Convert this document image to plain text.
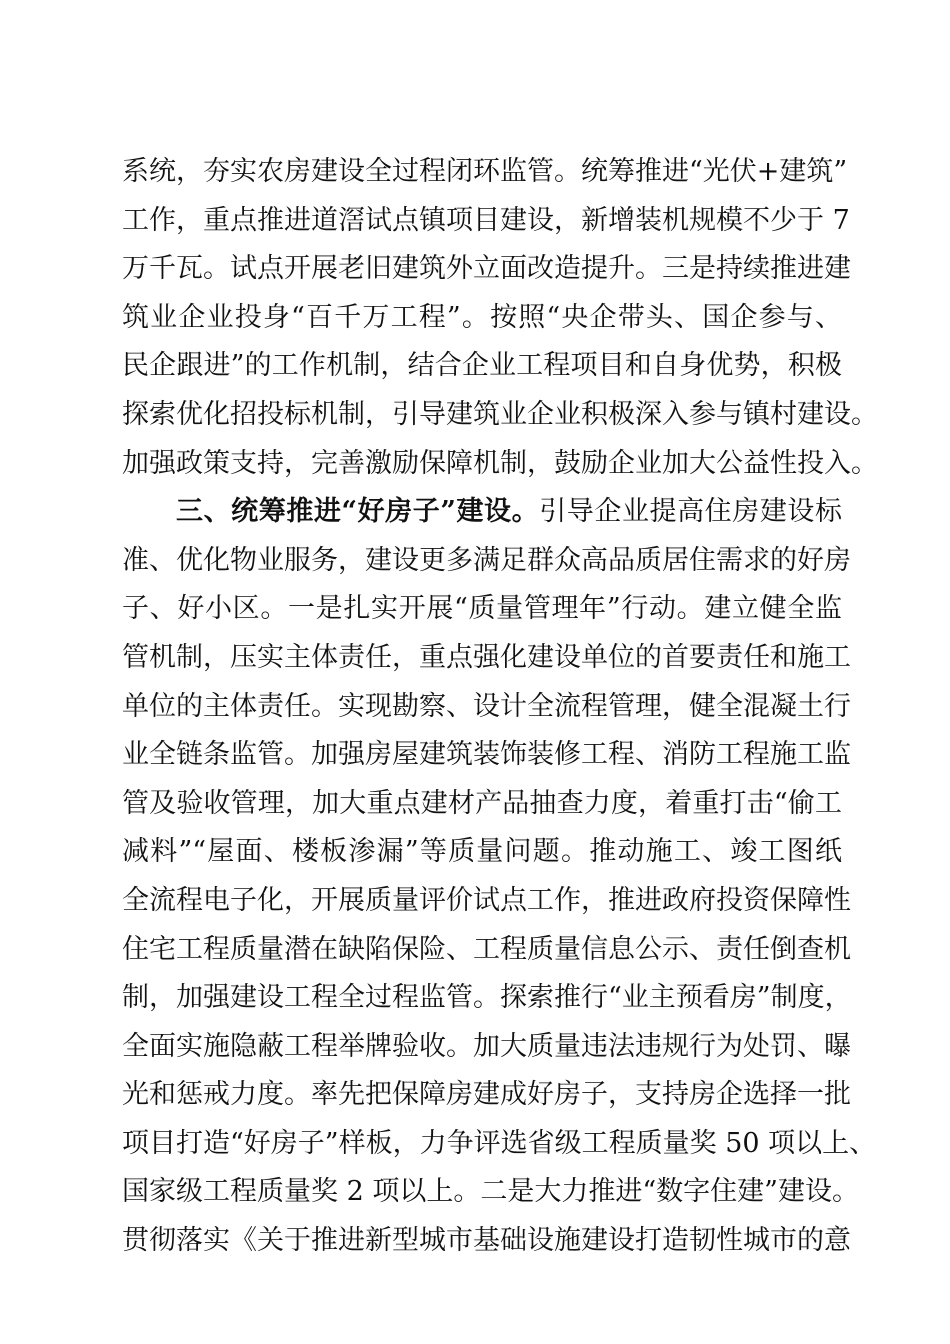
系统，夯实农房建设全过程闭环监管。统筹推进“光伏+建筑”
工作，重点推进道滘试点镇项目建设，新增装机规模不少于 7
万千瓦。试点开展老旧建筑外立面改造提升。三是持续推进建
筑业企业投身“百千万工程”。按照“央企带头、国企参与、
民企跟进”的工作机制，结合企业工程项目和自身优势，积极
探索优化招投标机制，引导建筑业企业积极深入参与镇村建设。
加强政策支持，完善激励保障机制，鼓励企业加大公益性投入。
三、统筹推进“好房子”建设。引导企业提高住房建设标
准、优化物业服务，建设更多满足群众高品质居住需求的好房
子、好小区。一是扎实开展“质量管理年”行动。建立健全监
管机制，压实主体责任，重点强化建设单位的首要责任和施工
单位的主体责任。实现勘察、设计全流程管理，健全混凝土行
业全链条监管。加强房屋建筑装饰装修工程、消防工程施工监
管及验收管理，加大重点建材产品抽查力度，着重打击“偷工
减料”“屋面、楼板渗漏”等质量问题。推动施工、竣工图纸
全流程电子化，开展质量评价试点工作，推进政府投资保障性
住宅工程质量潜在缺陷保险、工程质量信息公示、责任倒查机
制，加强建设工程全过程监管。探索推行“业主预看房”制度，
全面实施隐蔽工程举牌验收。加大质量违法违规行为处罚、曝
光和惩戒力度。率先把保障房建成好房子，支持房企选择一批
项目打造“好房子”样板，力争评选省级工程质量奖 50 项以上、
国家级工程质量奖 2 项以上。二是大力推进“数字住建”建设。
贯彻落实《关于推进新型城市基础设施建设打造韧性城市的意
